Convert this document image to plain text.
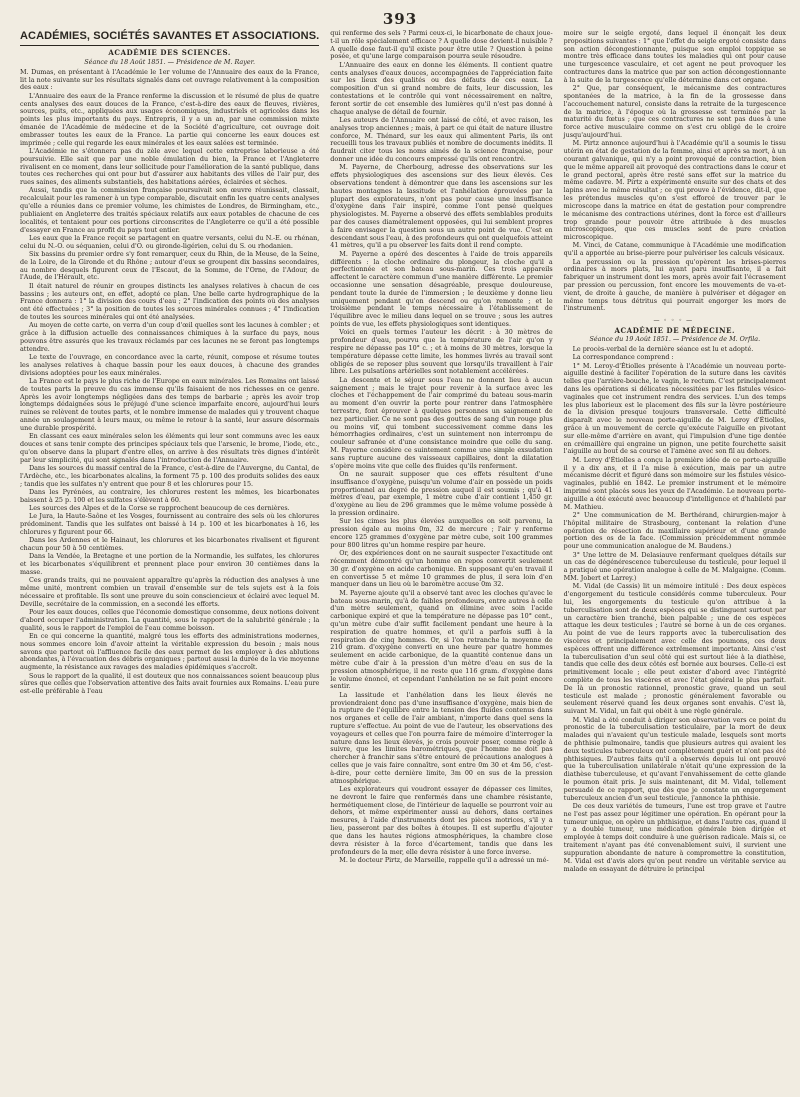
393
ACADÉMIES, SOCIÉTÉS SAVANTES ET ASSOCIATIONS.
ACADÉMIE DES SCIENCES.
Séance du 18 Août 1851. — Présidence de M. Rayer.

M. Dumas, en présentant à l'Académie le 1er volume de l'Annuaire des eaux de la France, lit la note suivante sur les résultats signalés dans cet ouvrage relativement à la composition des eaux :

L'Annuaire des eaux de la France renferme la discussion et le résumé de plus de quatre cents analyses des eaux douces de la France, c'est-à-dire des eaux de fleuves, rivières, sources, puits, etc., appliquées aux usages économiques, industriels et agricoles dans les points les plus importants du pays. Entrepris, il y a un an, par une commission mixte émanée de l'Académie de médecine et de la Société d'agriculture, cet ouvrage doit embrasser toutes les eaux de la France. La partie qui concerne les eaux douces est imprimée ; celle qui regarde les eaux minérales et les eaux salées est terminée.

L'Académie ne s'étonnera pas du zèle avec lequel cette entreprise laborieuse a été poursuivie. Elle sait que par une noble émulation du bien, la France et l'Angleterre rivalisent en ce moment, dans leur sollicitude pour l'amélioration de la santé publique, dans toutes ces recherches qui ont pour but d'assurer aux habitants des villes de l'air pur, des rues saines, des aliments substantiels, des habitations aérées, éclairées et sèches.

Aussi, tandis que la commission française poursuivait son œuvre réunissait, classait, recalculait pour les ramener à un type comparable, discutait enfin les quatre cents analyses qu'elle a réunies dans ce premier volume, les chimistes de Londres, de Birmingham, etc., publiaient en Angleterre des traités spéciaux relatifs aux eaux potables de chacune de ces localités, et tentaient pour ces portions circonscrites de l'Angleterre ce qu'il a été possible d'essayer en France au profit du pays tout entier.

Les eaux que la France reçoit se partagent en quatre versants, celui du N.-E. ou rhénan, celui du N.-O. ou séquanien, celui d'O. ou gironde-ligérien, celui du S. ou rhodanien.

Six bassins du premier ordre s'y font remarquer, ceux du Rhin, de la Meuse, de la Seine, de la Loire, de la Gironde et du Rhône ; autour d'eux se groupent dix bassins secondaires, au nombre desquels figurent ceux de l'Escaut, de la Somme, de l'Orne, de l'Adour, de l'Aude, de l'Hérault, etc.

Il était naturel de réunir en groupes distincts les analyses relatives à chacun de ces bassins ; les auteurs ont, en effet, adopté ce plan. Une belle carte hydrographique de la France donnera : 1° la division des cours d'eau ; 2° l'indication des points où des analyses ont été effectuées ; 3° la position de toutes les sources minérales connues ; 4° l'indication de toutes les sources minérales qui ont été analysées.

Au moyen de cette carte, on verra d'un coup d'œil quelles sont les lacunes à combler ; et grâce à la diffusion actuelle des connaissances chimiques à la surface du pays, nous pouvons être assurés que les travaux réclamés par ces lacunes ne se feront pas longtemps attendre.

Le texte de l'ouvrage, en concordance avec la carte, réunit, compose et résume toutes les analyses relatives à chaque bassin pour les eaux douces, à chacune des grandes divisions adoptées pour les eaux minérales.

La France est le pays le plus riche de l'Europe en eaux minérales. Les Romains ont laissé de toutes parts la preuve du cas immense qu'ils faisaient de nos richesses en ce genre. Après les avoir longtemps négligées dans des temps de barbarie ; après les avoir trop longtemps dédaignées sous le préjugé d'une science imparfaite encore, aujourd'hui leurs ruines se relèvent de toutes parts, et le nombre immense de malades qui y trouvent chaque année un soulagement à leurs maux, ou même le retour à la santé, leur assure désormais une durable prospérité.

En classant ces eaux minérales selon les éléments qui leur sont communs avec les eaux douces et sans tenir compte des principes spéciaux tels que l'arsenic, le brome, l'iode, etc., qu'on observe dans la plupart d'entre elles, on arrive à des résultats très dignes d'intérêt par leur simplicité, qui sont signalés dans l'introduction de l'Annuaire.

Dans les sources du massif central de la France, c'est-à-dire de l'Auvergne, du Cantal, de l'Ardèche, etc., les bicarbonates alcalins, la forment 75 p. 100 des produits solides des eaux ; tandis que les sulfates n'y entrent que pour 8 et les chlorures pour 15.

Dans les Pyrénées, au contraire, les chlorures restent les mêmes, les bicarbonates baissent à 25 p. 100 et les sulfates s'élèvent à 60.

Les sources des Alpes et de la Corse se rapprochent beaucoup de ces dernières.

Le Jura, la Haute-Saône et les Vosges, fournissent au contraire des sels où les chlorures prédominent. Tandis que les sulfates ont baissé à 14 p. 100 et les bicarbonates à 16, les chlorures y figurent pour 66.

Dans les Ardennes et le Hainaut, les chlorures et les bicarbonates rivalisent et figurent chacun pour 50 à 50 centièmes.

Dans la Vendée, la Bretagne et une portion de la Normandie, les sulfates, les chlorures et les bicarbonates s'équilibrent et prennent place pour environ 30 centièmes dans la masse.

Ces grands traits, qui ne pouvaient apparaître qu'après la réduction des analyses à une même unité, montrent combien un travail d'ensemble sur de tels sujets est à la fois nécessaire et profitable. Ils sont une preuve du soin consciencieux et éclairé avec lequel M. Deville, secrétaire de la commission, en a secondé les efforts.

Pour les eaux douces, celles que l'économie domestique consomme, deux notions doivent d'abord occuper l'administration. La quantité, sous le rapport de la salubrité générale ; la qualité, sous le rapport de l'emploi de l'eau comme boisson.

En ce qui concerne la quantité, malgré tous les efforts des administrations modernes, nous sommes encore loin d'avoir atteint la véritable expression du besoin ; mais nous savons que partout où l'affluence facile des eaux permet de les employer à des ablutions abondantes, à l'évacuation des débris organiques ; partout aussi la durée de la vie moyenne augmente, la résistance aux ravages des maladies épidémiques s'accroît.

Sous le rapport de la qualité, il est douteux que nos connaissances soient beaucoup plus sûres que celles que l'observation attentive des faits avait fournies aux Romains. L'eau pure est-elle préférable à l'eau

qui renferme des sels ? Parmi ceux-ci, le bicarbonate de chaux joue-t-il un rôle spécialement efficace ? A quelle dose devient-il nuisible ? A quelle dose faut-il qu'il existe pour être utile ? Question à peine posée, et qu'une large comparaison pourra seule résoudre.

L'Annuaire des eaux en donne les éléments. Il contient quatre cents analyses d'eaux douces, accompagnées de l'appréciation faite sur les lieux des qualités ou des défauts de ces eaux. La composition d'un si grand nombre de faits, leur discussion, les contestations et le contrôle qui vont nécessairement en naître, feront sortir de cet ensemble des lumières qu'il n'est pas donné à chaque analyse de détail de fournir.

Les auteurs de l'Annuaire ont laissé de côté, et avec raison, les analyses trop anciennes ; mais, à part ce qui était de nature illustre conforce, M. Thénard, sur les eaux qui alimentent Paris, ils ont recueilli tous les travaux publiés et nombre de documents inédits. Il faudrait citer tous les noms aimés de la science française, pour donner une idée du concours empressé qu'ils ont rencontré.

M. Payerne, de Cherbourg, adresse des observations sur les effets physiologiques des ascensions sur des lieux élevés. Ces observations tendent à démontrer que dans les ascensions sur les hautes montagnes la lassitude et l'anhélation éprouvées par la plupart des explorateurs, n'ont pas pour cause une insuffisance d'oxygène dans l'air inspiré, comme l'ont pensé quelques physiologistes. M. Payerne a observé des effets semblables produits par des causes diamétralement opposées, qui lui semblent propres à faire envisager la question sous un autre point de vue. C'est en descendant sous l'eau, à des profondeurs qui ont quelquefois atteint 41 mètres, qu'il a pu observer les faits dont il rend compte.

M. Payerne a opéré des descentes à l'aide de trois appareils différents : la cloche ordinaire du plongeur, la cloche qu'il a perfectionnée et son bateau sous-marin. Ces trois appareils affectent le caractère commun d'une manière différente. Le premier occasionne une sensation désagréable, presque douloureuse, pendant toute la durée de l'immersion ; le deuxième y donne lieu uniquement pendant qu'on descend ou qu'on remonte ; et le troisième pendant le temps nécessaire à l'établissement de l'équilibre avec le milieu dans lequel on se trouve ; sous les autres points de vue, les effets physiologiques sont identiques.

Voici en quels termes l'auteur les décrit : à 30 mètres de profondeur d'eau, pourvu que la température de l'air qu'on y respire ne dépasse pas 10° c. ; et à moins de 30 mètres, lorsque la température dépasse cette limite, les hommes livrés au travail sont obligés de se reposer plus souvent que lorsqu'ils travaillent à l'air libre. Les pulsations artérielles sont notablement accélérées.

La descente et le séjour sous l'eau ne donnent lieu à aucun saignement ; mais le trajet pour revenir à la surface avec les cloches et l'échappement de l'air comprimé du bateau sous-marin au moment d'en ouvrir la porte pour rentrer dans l'atmosphère terrestre, font éprouver à quelques personnes un saignement de nez particulier. Ce ne sont pas des gouttes de sang d'un rouge plus ou moins vif, qui tombent successivement comme dans les hémorrhagies ordinaires, c'est un suintement non interrompu de couleur safranée et d'une consistance moindre que celle du sang. M. Payerne considère ce suintement comme une simple exsudation sans rupture aucune des vaisseaux capillaires, dont la dilatation s'opère moins vite que celle des fluides qu'ils renferment.

On ne saurait supposer que ces effets résultent d'une insuffisance d'oxygène, puisqu'un volume d'air en possède un poids proportionnel au degré de pression auquel il est soumis ; qu'à 41 mètres d'eau, par exemple, 1 mètre cube d'air contient 1,450 gr. d'oxygène au lieu de 296 grammes que le même volume possède à la pression ordinaire.

Sur les cimes les plus élevées auxquelles on soit parvenu, la pression égale au moins 0m, 32 de mercure ; l'air y renferme encore 125 grammes d'oxygène par mètre cube, soit 100 grammes pour 800 litres qu'un homme respire par heure.

Or, des expériences dont on ne saurait suspecter l'exactitude ont récemment démontré qu'un homme en repos convertit seulement 30 gr. d'oxygène en acide carbonique. En supposant qu'en travail il en convertisse 5 et même 10 grammes de plus, il sera loin d'en manquer dans un lieu où le baromètre accuse 0m 32.

M. Payerne ajoute qu'il a observé tant avec les cloches qu'avec le bateau sous-marin, qu'à de faibles profondeurs, entre autres à celle d'un mètre seulement, quand on élimine avec soin l'acide carbonique expiré et que la température ne dépasse pas 10° cent., qu'un mètre cube d'air suffit facilement pendant une heure à la respiration de quatre hommes, et qu'il a parfois suffi à la respiration de cinq hommes. Or, si l'on retranche la moyenne de 210 gram. d'oxygène converti en une heure par quatre hommes seulement en acide carbonique, de la quantité contenue dans un mètre cube d'air à la pression d'un mètre d'eau en sus de la pression atmosphérique, il ne reste que 116 gram. d'oxygène dans le volume énoncé, et cependant l'anhélation ne se fait point encore sentir.

La lassitude et l'anhélation dans les lieux élevés ne proviendraient donc pas d'une insuffisance d'oxygène, mais bien de la rupture de l'équilibre entre la tension des fluides contenus dans nos organes et celle de l'air ambiant, n'importe dans quel sens la rupture s'effectue. Au point de vue de l'auteur, les observations des voyageurs et celles que l'on pourra faire de mémoire d'interroger la nature dans les lieux élevés, je crois pouvoir poser, comme règle à suivre, que les limites barométriques, que l'homme ne doit pas chercher à franchir sans s'être entouré de précautions analogues à celles que je vais faire connaître, sont entre 0m 30 et 4m 56, c'est-à-dire, pour cette dernière limite, 3m 00 en sus de la pression atmosphérique.

Les explorateurs qui voudront essayer de dépasser ces limites, ne devront le faire que renfermés dans une chambre résistante, hermétiquement close, de l'intérieur de laquelle se pourront voir au dehors, et même expérimenter aussi au dehors, dans certaines mesures, à l'aide d'instruments dont les pièces motrices, s'il y a lieu, passeront par des boîtes à étoupes. Il est superflu d'ajouter que dans les hautes régions atmosphériques, la chambre close devra résister à la force d'écartement, tandis que dans les profondeurs de la mer, elle devra résister à une force inverse.

M. le docteur Pirtz, de Marseille, rappelle qu'il a adressé un mé-

moire sur le seigle ergoté, dans lequel il énonçait les deux propositions suivantes : 1° que l'effet du seigle ergoté consiste dans son action décongestionnante, puisque son emploi toppique se montre très efficace dans toutes les maladies qui ont pour cause une turgescence vasculaire, et cet agent ne peut provoquer les contractures dans la matrice que par son action décongestionnante à la suite de la turgescence qu'elle détermine dans cet organe.

2° Que, par conséquent, le mécanisme des contractures spontanées de la matrice, à la fin de la grossesse dans l'accouchement naturel, consiste dans la retraite de la turgescence de la matrice, à l'époque où la grossesse est terminée par la maturité du fœtus ; que ces contractures ne sont pas dues à une force active musculaire comme on s'est cru obligé de le croire jusqu'aujourd'hui.

M. Pirtz annonce aujourd'hui à l'Académie qu'il a soumis le tissu utérin en état de gestation de la femme, ainsi et après sa mort, à un courant galvanique, qui n'y a point provoqué de contraction, bien que le même appareil ait provoqué des contractions dans le cœur et le grand pectoral, après être resté sans effet sur la matrice du même cadavre. M. Pirtz a expérimenté ensuite sur des chats et des lapins avec le même résultat ; ce qui prouve à l'évidence, dit-il, que les prétendus muscles qu'on s'est efforcé de trouver par le microscope dans la matrice en état de gestation pour comprendre le mécanisme des contractions utérines, dont la force est d'ailleurs trop grande pour pouvoir être attribuée à des muscles microscopiques, que ces muscles sont de pure création microscopique.

M. Vinci, de Catane, communique à l'Académie une modification qu'il a apportée au brise-pierre pour pulvériser les calculs vésicaux.

La percussion ou la pression qu'opèrent les brises-pierres ordinaires à mors plats, lui ayant paru insuffisante, il a fait fabriquer un instrument dont les mors, après avoir fait l'écrasement par pression ou percussion, font encore les mouvements de va-et-vient, de droite à gauche, de manière à pulvériser et dégager en même temps tous détritus qui pourrait engorger les mors de l'instrument.

—◦◦◦—
ACADÉMIE DE MÉDECINE.
Séance du 19 Août 1851. — Présidence de M. Orfila.

Le procès-verbal de la dernière séance est lu et adopté.

La correspondance comprend :

1° M. Leroy-d'Étiolles présente à l'Académie un nouveau porte-aiguille destiné à faciliter l'opération de la suture dans les cavités telles que l'arrière-bouche, le vagin, le rectum. C'est principalement dans les opérations si délicates nécessitées par les fistules vésico-vaginales que cet instrument rendra des services. L'un des temps les plus laborieux est le placement des fils sur la lèvre postérieure de la division presque toujours transversale. Cette difficulté disparaît avec le nouveau porte-aiguille de M. Leroy d'Étiolles, grâce à un mouvement de cercle qu'exécute l'aiguille en pivotant sur elle-même d'arrière en avant, qui l'impulsion d'une tige dentée en crémaillère qui engraine un pignon, une petite fourchette saisit l'aiguille au bout de sa course et l'amène avec son fil au dehors.

M. Leroy d'Étiolles a conçu la première idée de ce porte-aiguille il y a dix ans, et il l'a mise à exécution, mais par un autre mécanisme décrit et figuré dans son mémoire sur les fistules vésico-vaginales, publié en 1842. Le premier instrument et le mémoire imprimé sont placés sous les yeux de l'Académie. Le nouveau porte-aiguille a été exécuté avec beaucoup d'intelligence et d'habileté par M. Mathieu.

2° Une communication de M. Berthérand, chirurgien-major à l'hôpital militaire de Strasbourg, contenant la relation d'une opération de résection du maxillaire supérieur et d'une grande portion des os de la face. (Commission précédemment nommée pour une communication analogue de M. Baudens.)

3° Une lettre de M. Delasiauve renfermant quelques détails sur un cas de dégénérescence tuberculeuse du testicule, pour lequel il a pratiqué une opération analogue à celle de M. Malgaigne. (Comm. MM. Jobert et Larrey.)

M. Vidal (de Cassis) lit un mémoire intitulé : Des deux espèces d'engorgement du testicule considérés comme tuberculeux. Pour lui, les engorgements du testicule qu'on attribue à la tuberculisation sont de deux espèces qui se distinguent surtout par un caractère bien tranché, bien palpable ; une de ces espèces attaque les deux testicules ; l'autre se borne à un de ces organes. Au point de vue de leurs rapports avec la tuberculisation des viscères et principalement avec celle des poumons, ces deux espèces offrent une différence extrêmement importante. Ainsi c'est la tuberculisation d'un seul côté qui est surtout liée à la diathèse, tandis que celle des deux côtés est bornée aux bourses. Celle-ci est primitivement locale ; elle peut exister d'abord avec l'intégrité complète de tous les viscères et avec l'état général le plus parfait. De là un pronostic rationnel, pronostic grave, quand un seul testicule est malade ; pronostic généralement favorable ou seulement réservé quand les deux organes sont envahis. C'est là, suivant M. Vidal, un fait qui obéit à une règle générale.

M. Vidal a été conduit à diriger son observation vers ce point du pronostic de la tuberculisation testiculaire, par la mort de deux malades qui n'avaient qu'un testicule malade, lesquels sont morts de phthisie pulmonaire, tandis que plusieurs autres qui avaient les deux testicules tuberculeux ont complètement guéri et n'ont pas été phthisiques. D'autres faits qu'il a observés depuis lui ont prouvé que la tuberculisation unilatérale n'était qu'une expression de la diathèse tuberculeuse, et qu'avant l'envahissement de cette glande le poumon était pris. Je suis maintenant, dit M. Vidal, tellement persuadé de ce rapport, que dès que je constate un engorgement tuberculeux ancien d'un seul testicule, j'annonce la phthisie.

De ces deux variétés de tumeurs, l'une est trop grave et l'autre ne l'est pas assez pour légitimer une opération. En opérant pour la tumeur unique, on opère un phthisique, et dans l'autre cas, quand il y a double tumeur, une médication générale bien dirigée et employée à temps doit conduire à une guérison radicale. Mais si, ce traitement n'ayant pas été convenablement suivi, il survient une suppuration abondante de nature à compromettre la constitution, M. Vidal est d'avis alors qu'on peut rendre un véritable service au malade en essayant de détruire le principal
